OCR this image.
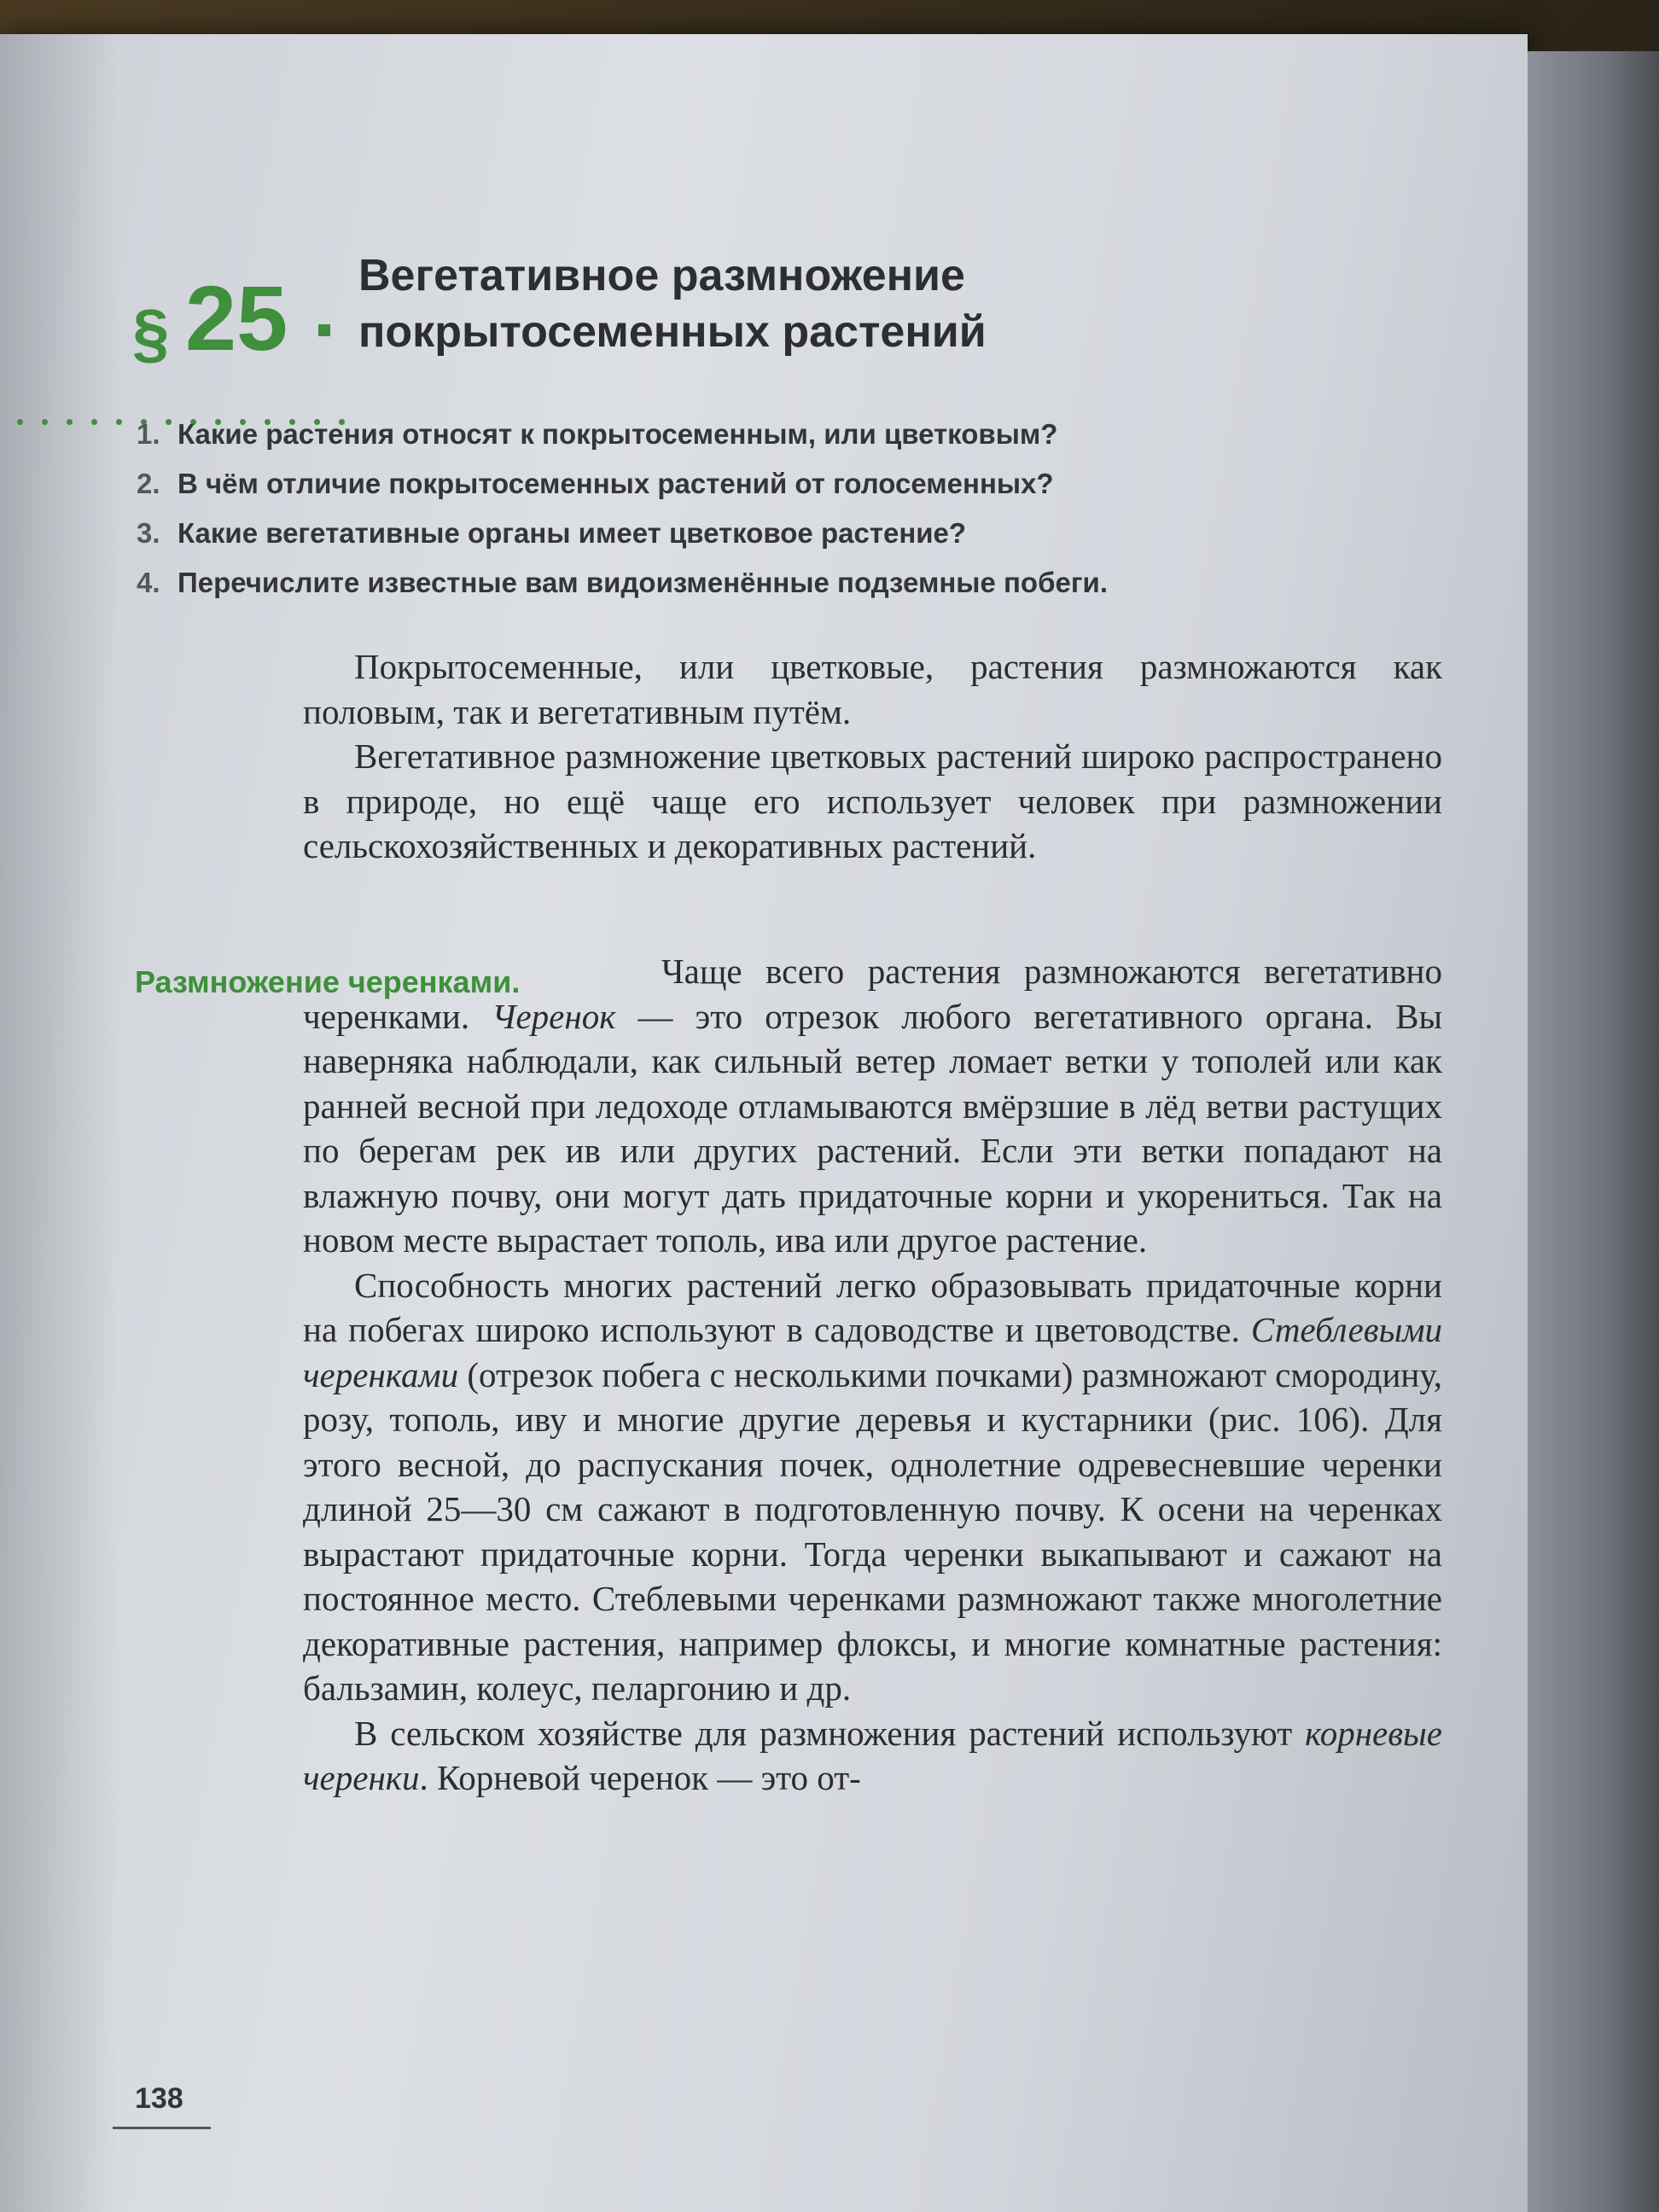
§ 25 Вегетативное размножение
покрытосеменных растений
1. Какие растения относят к покрытосеменным, или цветковым?
2. В чём отличие покрытосеменных растений от голосеменных?
3. Какие вегетативные органы имеет цветковое растение?
4. Перечислите известные вам видоизменённые подземные побеги.

Покрытосеменные, или цветковые, растения размножаются как половым, так и вегетативным путём.

Вегетативное размножение цветковых растений широко распространено в природе, но ещё чаще его использует человек при размножении сельскохозяйственных и декоративных растений.

Размножение черенками.	Чаще всего растения размножаются вегетативно черенками. Черенок — это отрезок любого вегетативного органа. Вы наверняка наблюдали, как сильный ветер ломает ветки у тополей или как ранней весной при ледоходе отламываются вмёрзшие в лёд ветви растущих по берегам рек ив или других растений. Если эти ветки попадают на влажную почву, они могут дать придаточные корни и укорениться. Так на новом месте вырастает тополь, ива или другое растение.

Способность многих растений легко образовывать придаточные корни на побегах широко используют в садоводстве и цветоводстве. Стеблевыми черенками (отрезок побега с несколькими почками) размножают смородину, розу, тополь, иву и многие другие деревья и кустарники (рис. 106). Для этого весной, до распускания почек, однолетние одревесневшие черенки длиной 25—30 см сажают в подготовленную почву. К осени на черенках вырастают придаточные корни. Тогда черенки выкапывают и сажают на постоянное место. Стеблевыми черенками размножают также многолетние декоративные растения, например флоксы, и многие комнатные растения: бальзамин, колеус, пеларгонию и др.

В сельском хозяйстве для размножения растений используют корневые черенки. Корневой черенок — это от-

138
